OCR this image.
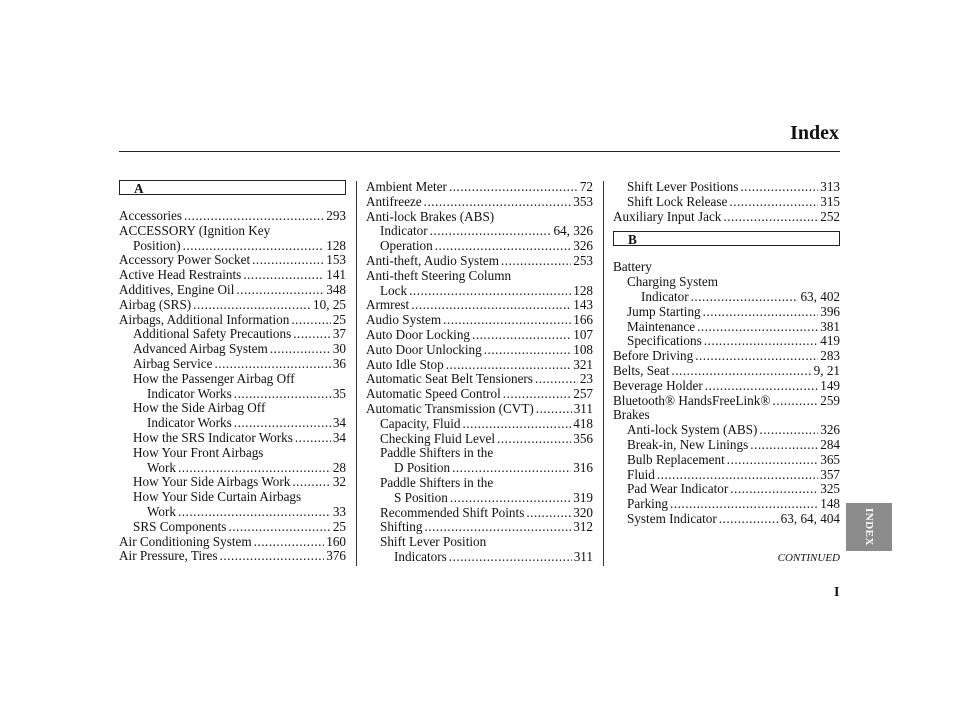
Index
A
Accessories .....	293
ACCESSORY (Ignition Key
Position) .....	128
Accessory Power Socket .....	153
Active Head Restraints .....	141
Additives, Engine Oil .....	348
Airbag (SRS) .....	10, 25
Airbags, Additional Information .....	25
Additional Safety Precautions .....	37
Advanced Airbag System .....	30
Airbag Service .....	36
How the Passenger Airbag Off
Indicator Works .....	35
How the Side Airbag Off
Indicator Works .....	34
How the SRS Indicator Works .....	34
How Your Front Airbags
Work .....	28
How Your Side Airbags Work .....	32
How Your Side Curtain Airbags
Work .....	33
SRS Components .....	25
Air Conditioning System .....	160
Air Pressure, Tires .....	376
Ambient Meter .....	72
Antifreeze .....	353
Anti-lock Brakes (ABS)
Indicator .....	64, 326
Operation .....	326
Anti-theft, Audio System .....	253
Anti-theft Steering Column
Lock .....	128
Armrest .....	143
Audio System .....	166
Auto Door Locking .....	107
Auto Door Unlocking .....	108
Auto Idle Stop .....	321
Automatic Seat Belt Tensioners .....	23
Automatic Speed Control .....	257
Automatic Transmission (CVT) .....	311
Capacity, Fluid .....	418
Checking Fluid Level .....	356
Paddle Shifters in the
D Position .....	316
Paddle Shifters in the
S Position .....	319
Recommended Shift Points .....	320
Shifting .....	312
Shift Lever Position
Indicators .....	311
Shift Lever Positions .....	313
Shift Lock Release .....	315
Auxiliary Input Jack .....	252
B
Battery
Charging System
Indicator .....	63, 402
Jump Starting .....	396
Maintenance .....	381
Specifications .....	419
Before Driving .....	283
Belts, Seat .....	9, 21
Beverage Holder .....	149
Bluetooth® HandsFreeLink® .....	259
Brakes
Anti-lock System (ABS) .....	326
Break-in, New Linings .....	284
Bulb Replacement .....	365
Fluid .....	357
Pad Wear Indicator .....	325
Parking .....	148
System Indicator .....	63, 64, 404 INDEX
CONTINUED
I
